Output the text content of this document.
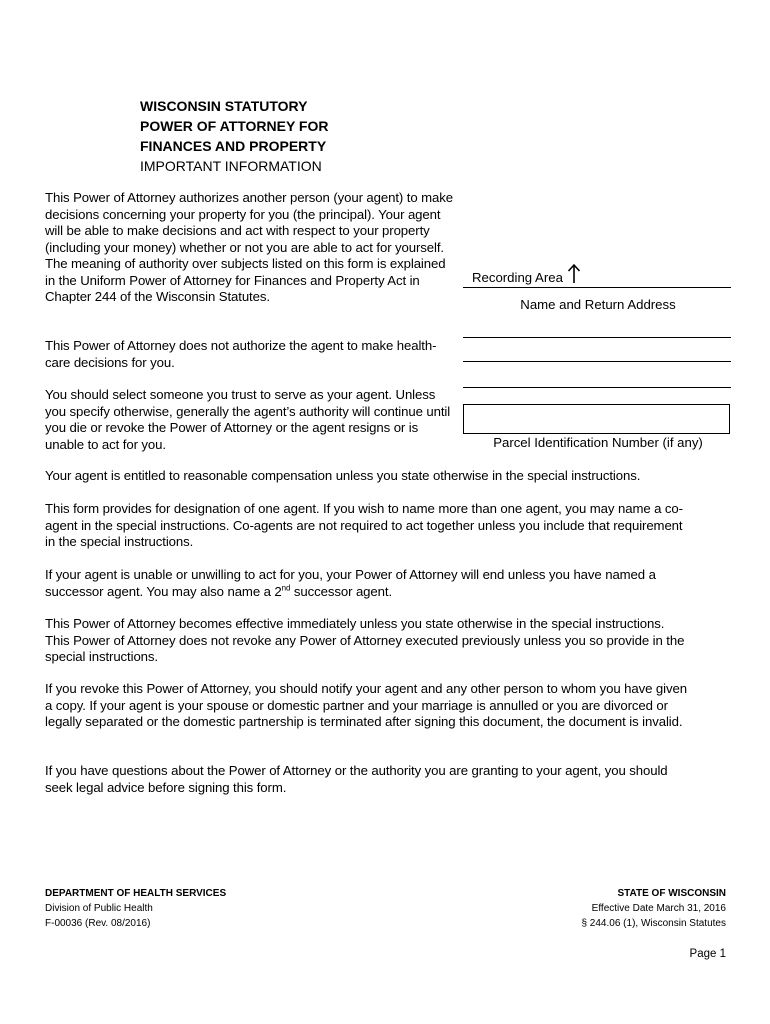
WISCONSIN STATUTORY
POWER OF ATTORNEY FOR
FINANCES AND PROPERTY
IMPORTANT INFORMATION
This Power of Attorney authorizes another person (your agent) to make decisions concerning your property for you (the principal). Your agent will be able to make decisions and act with respect to your property (including your money) whether or not you are able to act for yourself. The meaning of authority over subjects listed on this form is explained in the Uniform Power of Attorney for Finances and Property Act in Chapter 244 of the Wisconsin Statutes.
This Power of Attorney does not authorize the agent to make health-care decisions for you.
You should select someone you trust to serve as your agent. Unless you specify otherwise, generally the agent’s authority will continue until you die or revoke the Power of Attorney or the agent resigns or is unable to act for you.
Recording Area
Name and Return Address
Parcel Identification Number (if any)
Your agent is entitled to reasonable compensation unless you state otherwise in the special instructions.
This form provides for designation of one agent. If you wish to name more than one agent, you may name a co-agent in the special instructions. Co-agents are not required to act together unless you include that requirement in the special instructions.
If your agent is unable or unwilling to act for you, your Power of Attorney will end unless you have named a successor agent. You may also name a 2nd successor agent.
This Power of Attorney becomes effective immediately unless you state otherwise in the special instructions. This Power of Attorney does not revoke any Power of Attorney executed previously unless you so provide in the special instructions.
If you revoke this Power of Attorney, you should notify your agent and any other person to whom you have given a copy. If your agent is your spouse or domestic partner and your marriage is annulled or you are divorced or legally separated or the domestic partnership is terminated after signing this document, the document is invalid.
If you have questions about the Power of Attorney or the authority you are granting to your agent, you should seek legal advice before signing this form.
DEPARTMENT OF HEALTH SERVICES
Division of Public Health
F-00036 (Rev. 08/2016)
STATE OF WISCONSIN
Effective Date March 31, 2016
§ 244.06 (1), Wisconsin Statutes
Page 1
